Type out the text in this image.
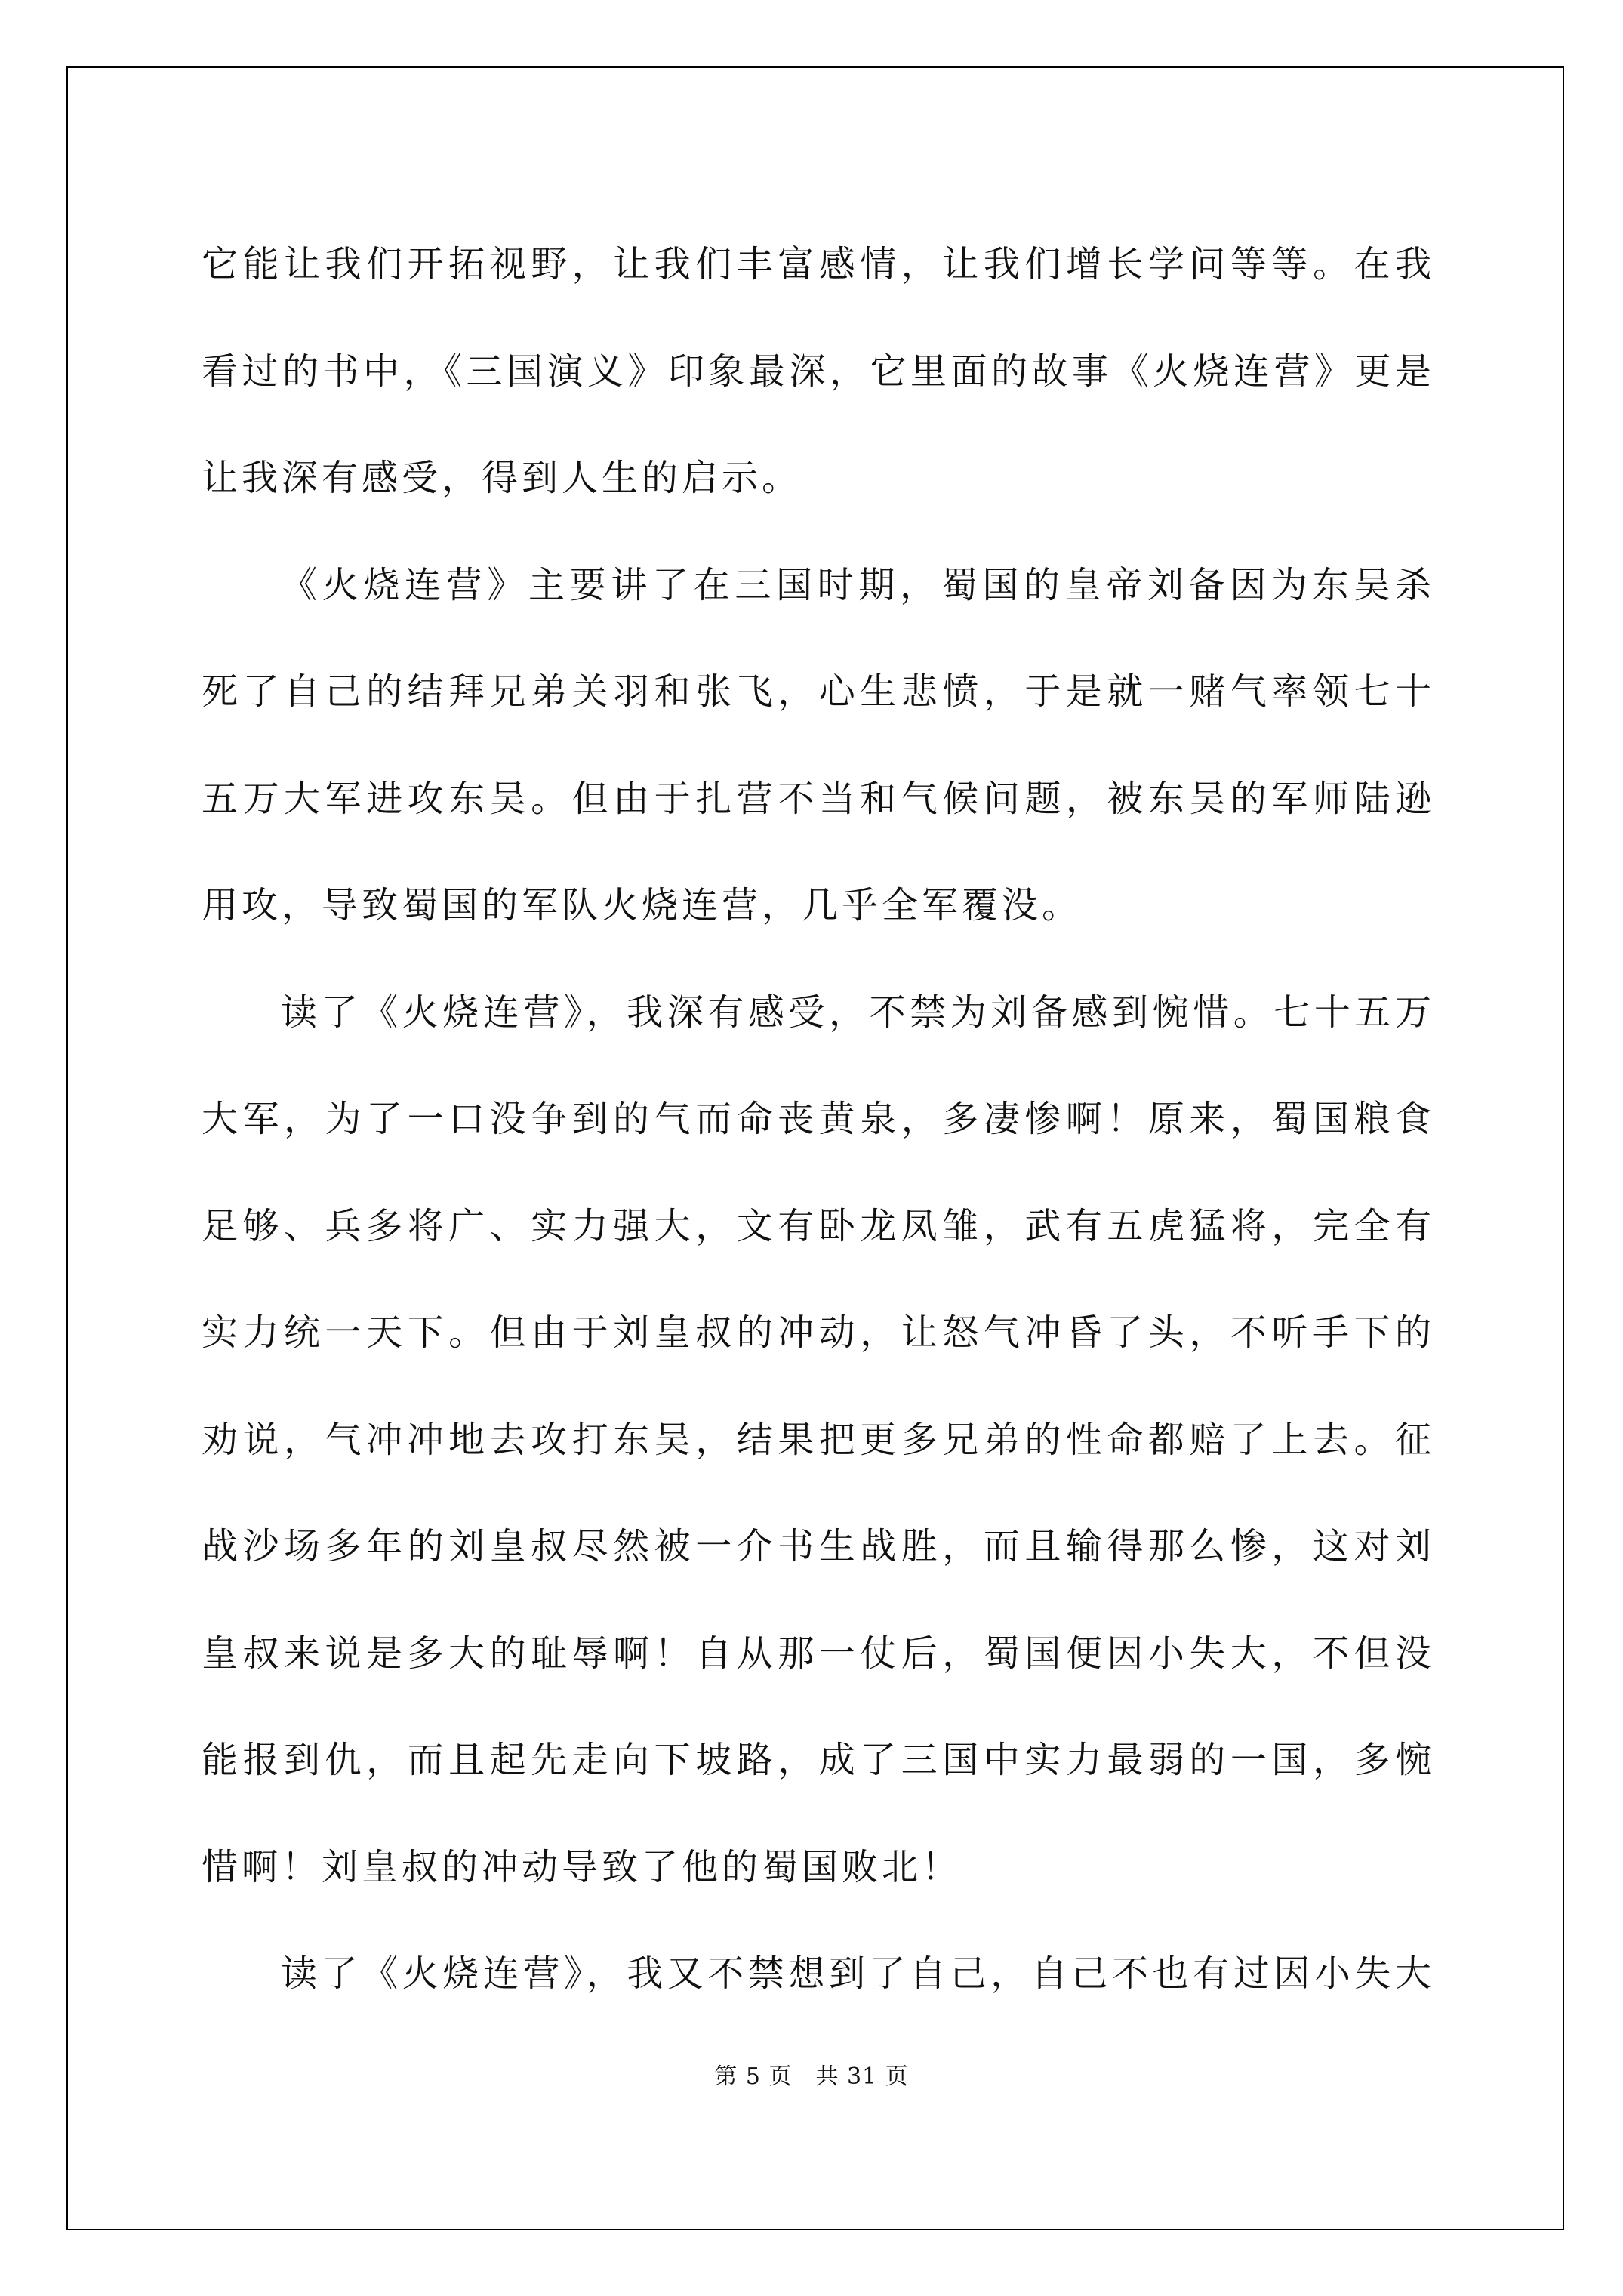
它能让我们开拓视野，让我们丰富感情，让我们增长学问等等。在我
看过的书中，《三国演义》印象最深，它里面的故事《火烧连营》更是
让我深有感受，得到人生的启示。
《火烧连营》主要讲了在三国时期，蜀国的皇帝刘备因为东吴杀
死了自己的结拜兄弟关羽和张飞，心生悲愤，于是就一赌气率领七十
五万大军进攻东吴。但由于扎营不当和气候问题，被东吴的军师陆逊
用攻，导致蜀国的军队火烧连营，几乎全军覆没。
读了《火烧连营》，我深有感受，不禁为刘备感到惋惜。七十五万
大军，为了一口没争到的气而命丧黄泉，多凄惨啊！原来，蜀国粮食
足够、兵多将广、实力强大，文有卧龙凤雏，武有五虎猛将，完全有
实力统一天下。但由于刘皇叔的冲动，让怒气冲昏了头，不听手下的
劝说，气冲冲地去攻打东吴，结果把更多兄弟的性命都赔了上去。征
战沙场多年的刘皇叔尽然被一介书生战胜，而且输得那么惨，这对刘
皇叔来说是多大的耻辱啊！自从那一仗后，蜀国便因小失大，不但没
能报到仇，而且起先走向下坡路，成了三国中实力最弱的一国，多惋
惜啊！刘皇叔的冲动导致了他的蜀国败北！
读了《火烧连营》，我又不禁想到了自己，自己不也有过因小失大
第 5 页　共 31 页
